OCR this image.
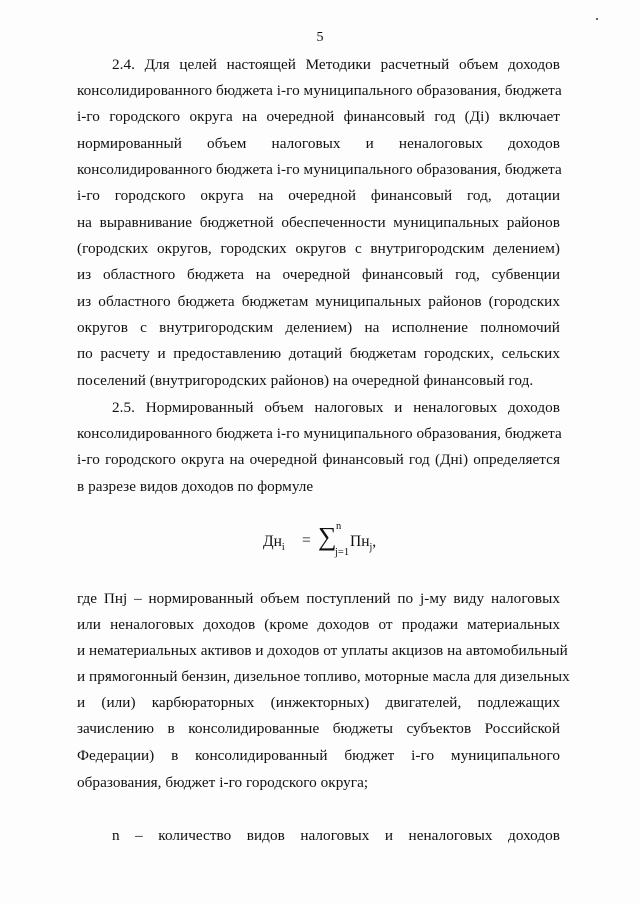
5
2.4. Для целей настоящей Методики расчетный объем доходов
консолидированного бюджета i-го муниципального образования, бюджета
i-го городского округа на очередной финансовый год (Дi) включает
нормированный объем налоговых и неналоговых доходов
консолидированного бюджета i-го муниципального образования, бюджета
i-го городского округа на очередной финансовый год, дотации
на выравнивание бюджетной обеспеченности муниципальных районов
(городских округов, городских округов с внутригородским делением)
из областного бюджета на очередной финансовый год, субвенции
из областного бюджета бюджетам муниципальных районов (городских
округов с внутригородским делением) на исполнение полномочий
по расчету и предоставлению дотаций бюджетам городских, сельских
поселений (внутригородских районов) на очередной финансовый год.
2.5. Нормированный объем налоговых и неналоговых доходов
консолидированного бюджета i-го муниципального образования, бюджета
i-го городского округа на очередной финансовый год (Днi) определяется
в разрезе видов доходов по формуле
$Дн_i$ = ∑ n
j=1
$Пн_j$,
где Пнj – нормированный объем поступлений по j-му виду налоговых
или неналоговых доходов (кроме доходов от продажи материальных
и нематериальных активов и доходов от уплаты акцизов на автомобильный
и прямогонный бензин, дизельное топливо, моторные масла для дизельных
и (или) карбюраторных (инжекторных) двигателей, подлежащих
зачислению в консолидированные бюджеты субъектов Российской
Федерации) в консолидированный бюджет i-го муниципального
образования, бюджет i-го городского округа;
n – количество видов налоговых и неналоговых доходов
